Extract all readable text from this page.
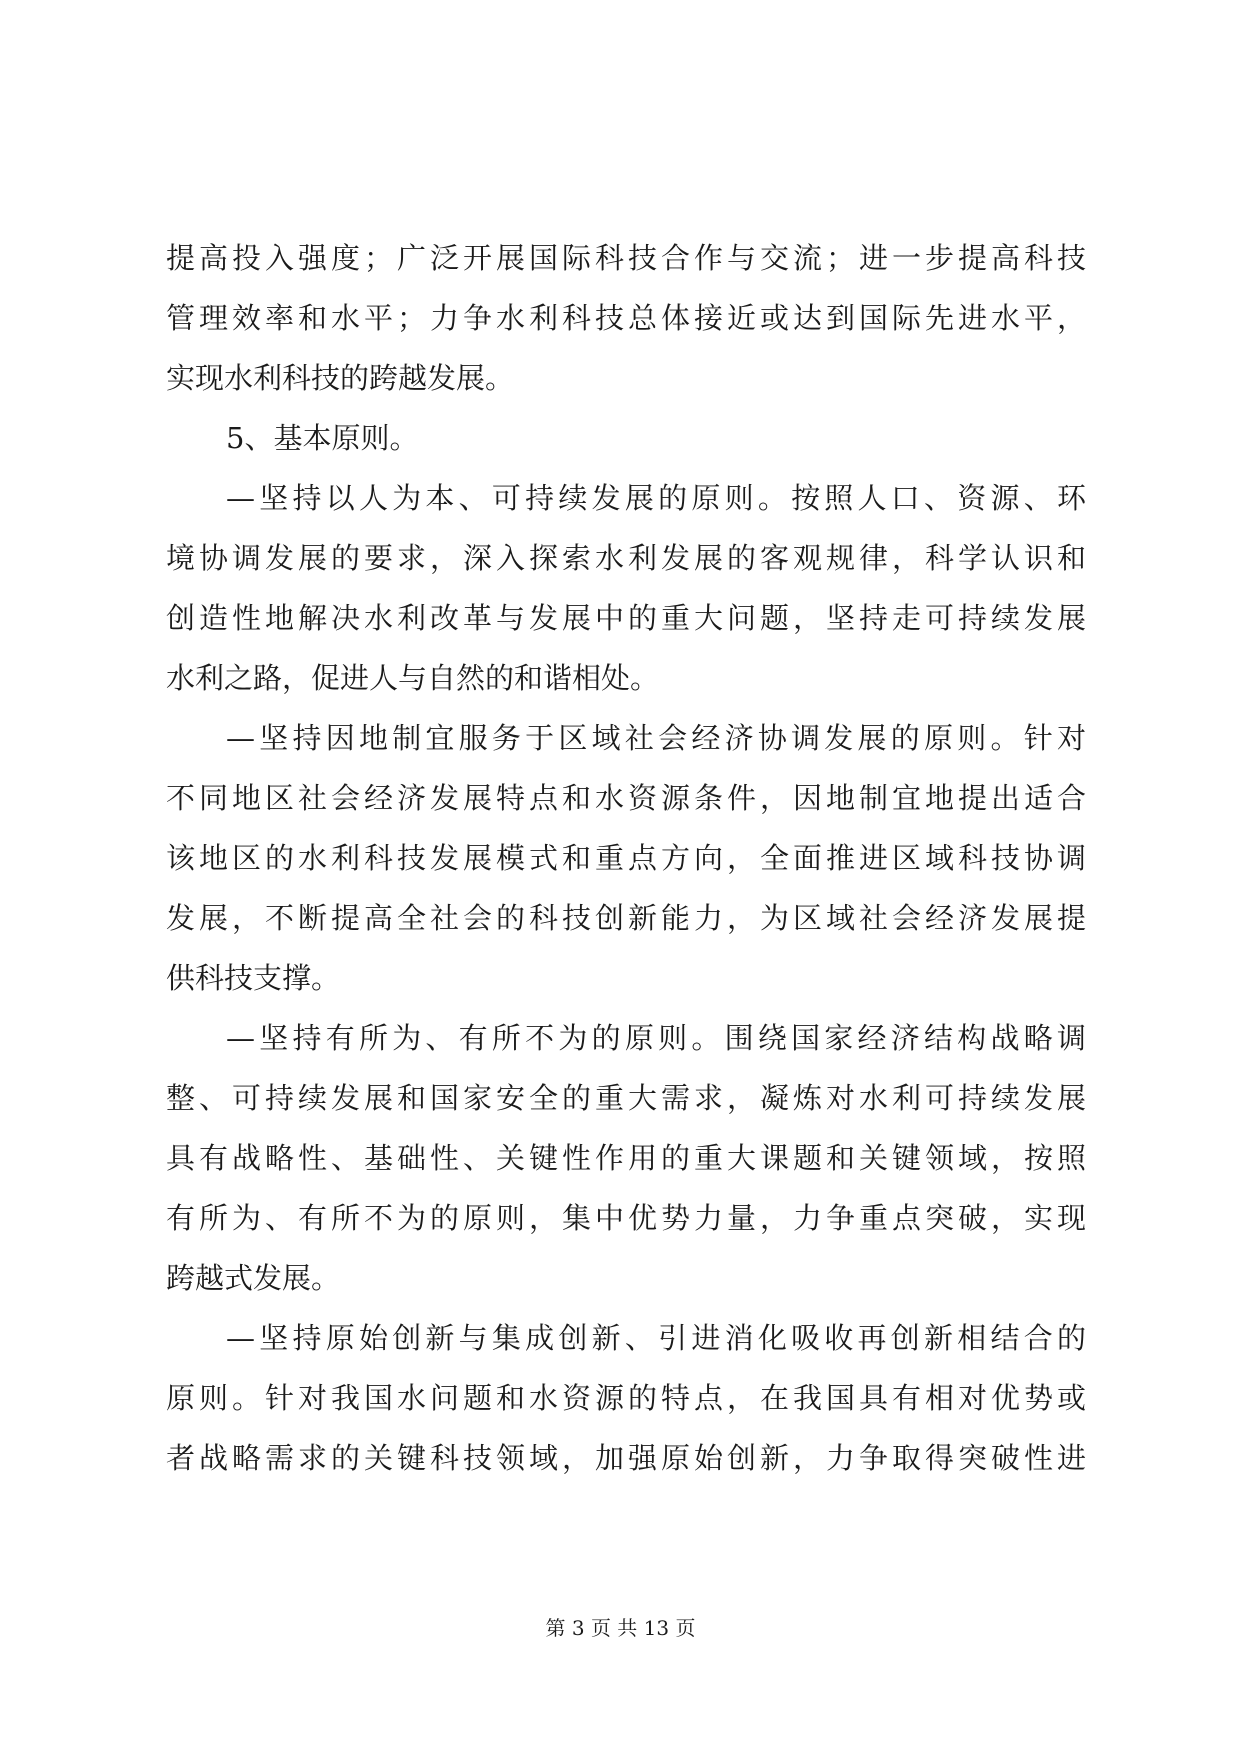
提高投入强度；广泛开展国际科技合作与交流；进一步提高科技
管理效率和水平；力争水利科技总体接近或达到国际先进水平，
实现水利科技的跨越发展。
5、基本原则。
—坚持以人为本、可持续发展的原则。按照人口、资源、环
境协调发展的要求，深入探索水利发展的客观规律，科学认识和
创造性地解决水利改革与发展中的重大问题，坚持走可持续发展
水利之路，促进人与自然的和谐相处。
—坚持因地制宜服务于区域社会经济协调发展的原则。针对
不同地区社会经济发展特点和水资源条件，因地制宜地提出适合
该地区的水利科技发展模式和重点方向，全面推进区域科技协调
发展，不断提高全社会的科技创新能力，为区域社会经济发展提
供科技支撑。
—坚持有所为、有所不为的原则。围绕国家经济结构战略调
整、可持续发展和国家安全的重大需求，凝炼对水利可持续发展
具有战略性、基础性、关键性作用的重大课题和关键领域，按照
有所为、有所不为的原则，集中优势力量，力争重点突破，实现
跨越式发展。
—坚持原始创新与集成创新、引进消化吸收再创新相结合的
原则。针对我国水问题和水资源的特点，在我国具有相对优势或
者战略需求的关键科技领域，加强原始创新，力争取得突破性进
第 3 页 共 13 页
